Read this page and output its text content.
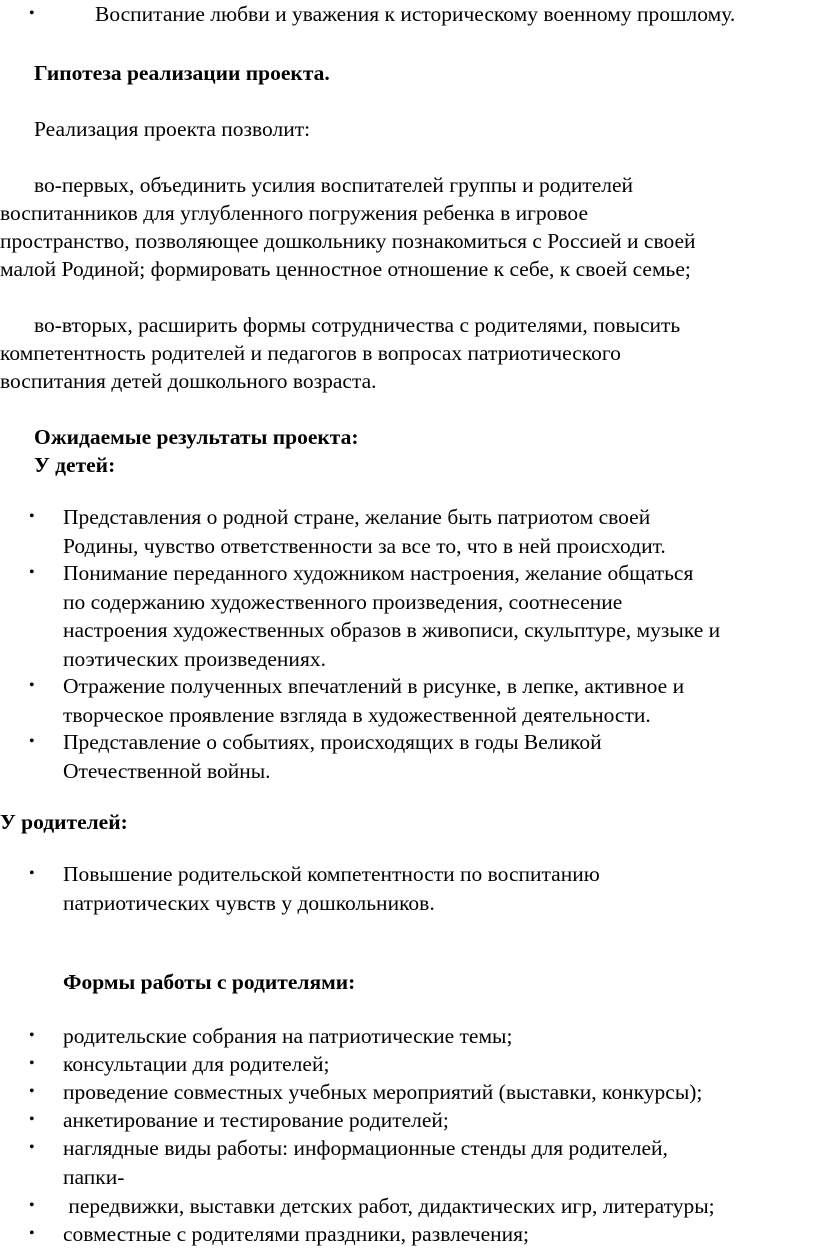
•	Воспитание любви и уважения к историческому военному прошлому.
Гипотеза реализации проекта.
Реализация проекта позволит:
во-первых, объединить усилия воспитателей группы и родителей
воспитанников для углубленного погружения ребенка в игровое
пространство, позволяющее дошкольнику познакомиться с Россией и своей
малой Родиной; формировать ценностное отношение к себе, к своей семье;
во-вторых, расширить формы сотрудничества с родителями, повысить
компетентность родителей и педагогов в вопросах патриотического
воспитания детей дошкольного возраста.
Ожидаемые результаты проекта:
У детей:
• Представления о родной стране, желание быть патриотом своей
Родины, чувство ответственности за все то, что в ней происходит.
• Понимание переданного художником настроения, желание общаться
по содержанию художественного произведения, соотнесение
настроения художественных образов в живописи, скульптуре, музыке и
поэтических произведениях.
• Отражение полученных впечатлений в рисунке, в лепке, активное и
творческое проявление взгляда в художественной деятельности.
• Представление о событиях, происходящих в годы Великой
Отечественной войны.
У родителей:
• Повышение родительской компетентности по воспитанию
патриотических чувств у дошкольников.
Формы работы с родителями:
• родительские собрания на патриотические темы;
• консультации для родителей;
• проведение совместных учебных мероприятий (выставки, конкурсы);
• анкетирование и тестирование родителей;
• наглядные виды работы: информационные стенды для родителей,
папки-
• передвижки, выставки детских работ, дидактических игр, литературы;
• совместные с родителями праздники, развлечения;
